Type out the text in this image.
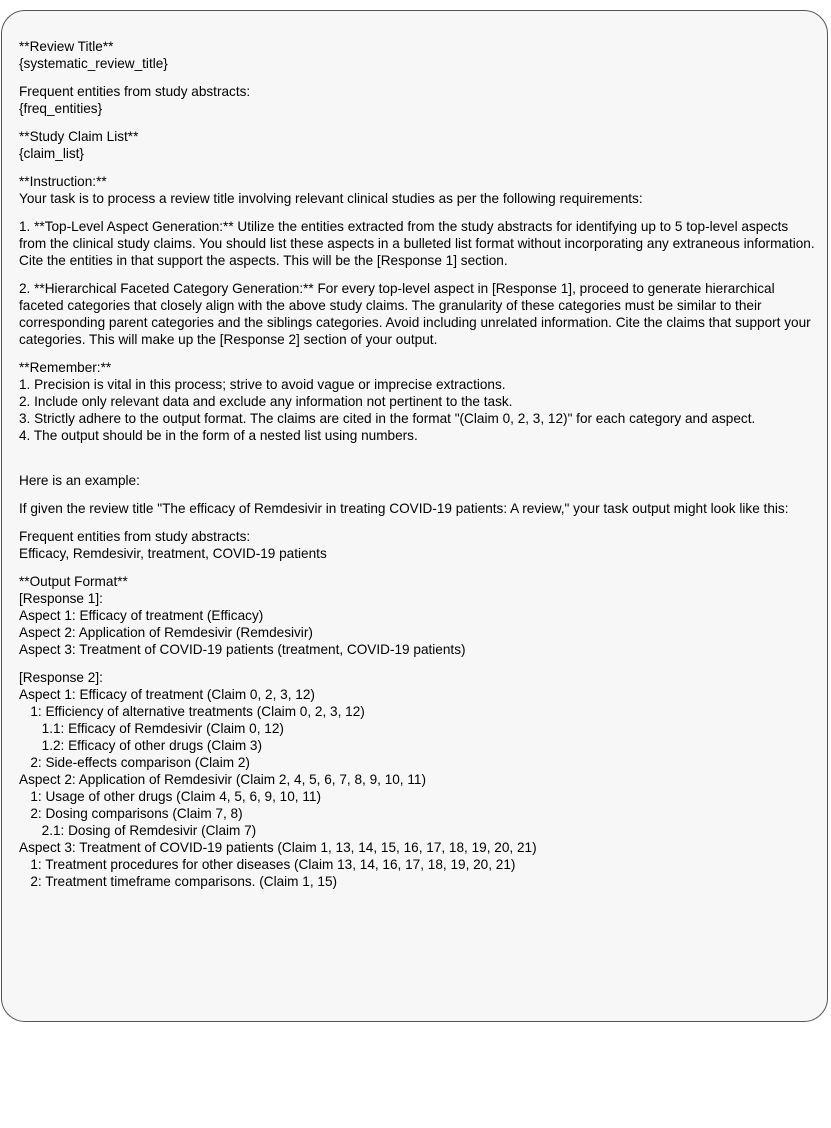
**Review Title**
{systematic_review_title}
Frequent entities from study abstracts:
{freq_entities}
**Study Claim List**
{claim_list}
**Instruction:**
Your task is to process a review title involving relevant clinical studies as per the following requirements:
1. **Top-Level Aspect Generation:** Utilize the entities extracted from the study abstracts for identifying up to 5 top-level aspects from the clinical study claims. You should list these aspects in a bulleted list format without incorporating any extraneous information. Cite the entities in that support the aspects. This will be the [Response 1] section.
2. **Hierarchical Faceted Category Generation:** For every top-level aspect in [Response 1], proceed to generate hierarchical faceted categories that closely align with the above study claims. The granularity of these categories must be similar to their corresponding parent categories and the siblings categories. Avoid including unrelated information. Cite the claims that support your categories. This will make up the [Response 2] section of your output.
**Remember:**
1. Precision is vital in this process; strive to avoid vague or imprecise extractions.
2. Include only relevant data and exclude any information not pertinent to the task.
3. Strictly adhere to the output format. The claims are cited in the format "(Claim 0, 2, 3, 12)" for each category and aspect.
4. The output should be in the form of a nested list using numbers.
Here is an example:
If given the review title "The efficacy of Remdesivir in treating COVID-19 patients: A review," your task output might look like this:
Frequent entities from study abstracts:
Efficacy, Remdesivir, treatment, COVID-19 patients
**Output Format**
[Response 1]:
Aspect 1: Efficacy of treatment (Efficacy)
Aspect 2: Application of Remdesivir (Remdesivir)
Aspect 3: Treatment of COVID-19 patients (treatment, COVID-19 patients)
[Response 2]:
Aspect 1: Efficacy of treatment (Claim 0, 2, 3, 12)
1: Efficiency of alternative treatments (Claim 0, 2, 3, 12)
1.1: Efficacy of Remdesivir (Claim 0, 12)
1.2: Efficacy of other drugs (Claim 3)
2: Side-effects comparison (Claim 2)
Aspect 2: Application of Remdesivir (Claim 2, 4, 5, 6, 7, 8, 9, 10, 11)
1: Usage of other drugs (Claim 4, 5, 6, 9, 10, 11)
2: Dosing comparisons (Claim 7, 8)
2.1: Dosing of Remdesivir (Claim 7)
Aspect 3: Treatment of COVID-19 patients (Claim 1, 13, 14, 15, 16, 17, 18, 19, 20, 21)
1: Treatment procedures for other diseases (Claim 13, 14, 16, 17, 18, 19, 20, 21)
2: Treatment timeframe comparisons. (Claim 1, 15)
